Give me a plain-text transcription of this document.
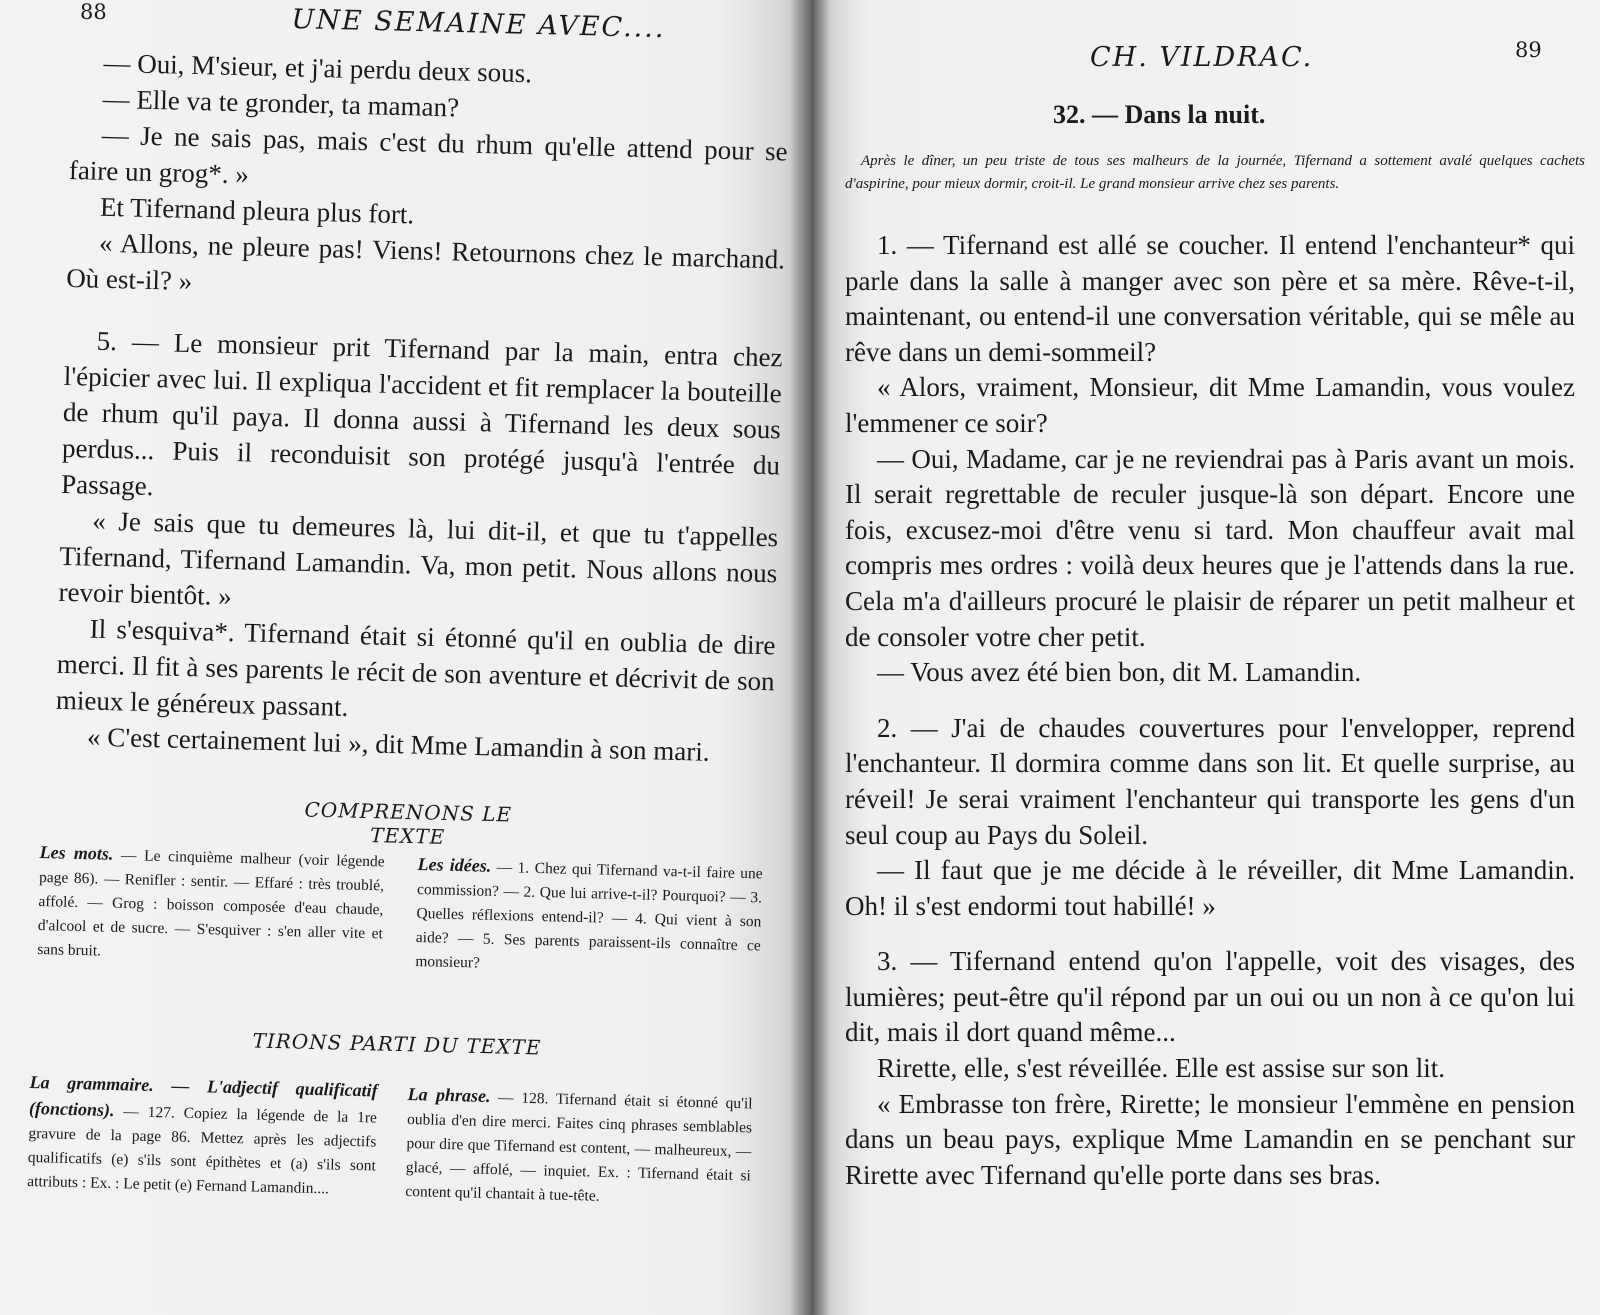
88	UNE SEMAINE AVEC....

— Oui, M'sieur, et j'ai perdu deux sous.

— Elle va te gronder, ta maman?

— Je ne sais pas, mais c'est du rhum qu'elle attend pour se faire un grog*. »

Et Tifernand pleura plus fort.

« Allons, ne pleure pas! Viens! Retournons chez le marchand. Où est-il? »

5. — Le monsieur prit Tifernand par la main, entra chez l'épicier avec lui. Il expliqua l'accident et fit remplacer la bouteille de rhum qu'il paya. Il donna aussi à Tifernand les deux sous perdus... Puis il reconduisit son protégé jusqu'à l'entrée du Passage.

« Je sais que tu demeures là, lui dit-il, et que tu t'appelles Tifernand, Tifernand Lamandin. Va, mon petit. Nous allons nous revoir bientôt. »

Il s'esquiva*. Tifernand était si étonné qu'il en oublia de dire merci. Il fit à ses parents le récit de son aventure et décrivit de son mieux le généreux passant.

« C'est certainement lui », dit Mme Lamandin à son mari.

COMPRENONS LE TEXTE

Les mots. — Le cinquième malheur (voir légende page 86). — Renifler : sentir. — Effaré : très troublé, affolé. — Grog : boisson composée d'eau chaude, d'alcool et de sucre. — S'esquiver : s'en aller vite et sans bruit.

Les idées. — 1. Chez qui Tifernand va-t-il faire une commission? — 2. Que lui arrive-t-il? Pourquoi? — 3. Quelles réflexions entend-il? — 4. Qui vient à son aide? — 5. Ses parents paraissent-ils connaître ce monsieur?

TIRONS PARTI DU TEXTE

La grammaire. — L'adjectif qualificatif (fonctions). — 127. Copiez la légende de la 1re gravure de la page 86. Mettez après les adjectifs qualificatifs (e) s'ils sont épithètes et (a) s'ils sont attributs : Ex. : Le petit (e) Fernand Lamandin....

La phrase. — 128. Tifernand était si étonné qu'il oublia d'en dire merci. Faites cinq phrases semblables pour dire que Tifernand est content, — malheureux, — glacé, — affolé, — inquiet. Ex. : Tifernand était si content qu'il chantait à tue-tête.

CH. VILDRAC.	89
32. — Dans la nuit.
Après le dîner, un peu triste de tous ses malheurs de la journée, Tifernand a sottement avalé quelques cachets d'aspirine, pour mieux dormir, croit-il. Le grand monsieur arrive chez ses parents.

1. — Tifernand est allé se coucher. Il entend l'enchanteur* qui parle dans la salle à manger avec son père et sa mère. Rêve-t-il, maintenant, ou entend-il une conversation véritable, qui se mêle au rêve dans un demi-sommeil?

« Alors, vraiment, Monsieur, dit Mme Lamandin, vous voulez l'emmener ce soir?

— Oui, Madame, car je ne reviendrai pas à Paris avant un mois. Il serait regrettable de reculer jusque-là son départ. Encore une fois, excusez-moi d'être venu si tard. Mon chauffeur avait mal compris mes ordres : voilà deux heures que je l'attends dans la rue. Cela m'a d'ailleurs procuré le plaisir de réparer un petit malheur et de consoler votre cher petit.

— Vous avez été bien bon, dit M. Lamandin.

2. — J'ai de chaudes couvertures pour l'envelopper, reprend l'enchanteur. Il dormira comme dans son lit. Et quelle surprise, au réveil! Je serai vraiment l'enchanteur qui transporte les gens d'un seul coup au Pays du Soleil.

— Il faut que je me décide à le réveiller, dit Mme Lamandin. Oh! il s'est endormi tout habillé! »

3. — Tifernand entend qu'on l'appelle, voit des visages, des lumières; peut-être qu'il répond par un oui ou un non à ce qu'on lui dit, mais il dort quand même...

Rirette, elle, s'est réveillée. Elle est assise sur son lit.

« Embrasse ton frère, Rirette; le monsieur l'emmène en pension dans un beau pays, explique Mme Lamandin en se penchant sur Rirette avec Tifernand qu'elle porte dans ses bras.
